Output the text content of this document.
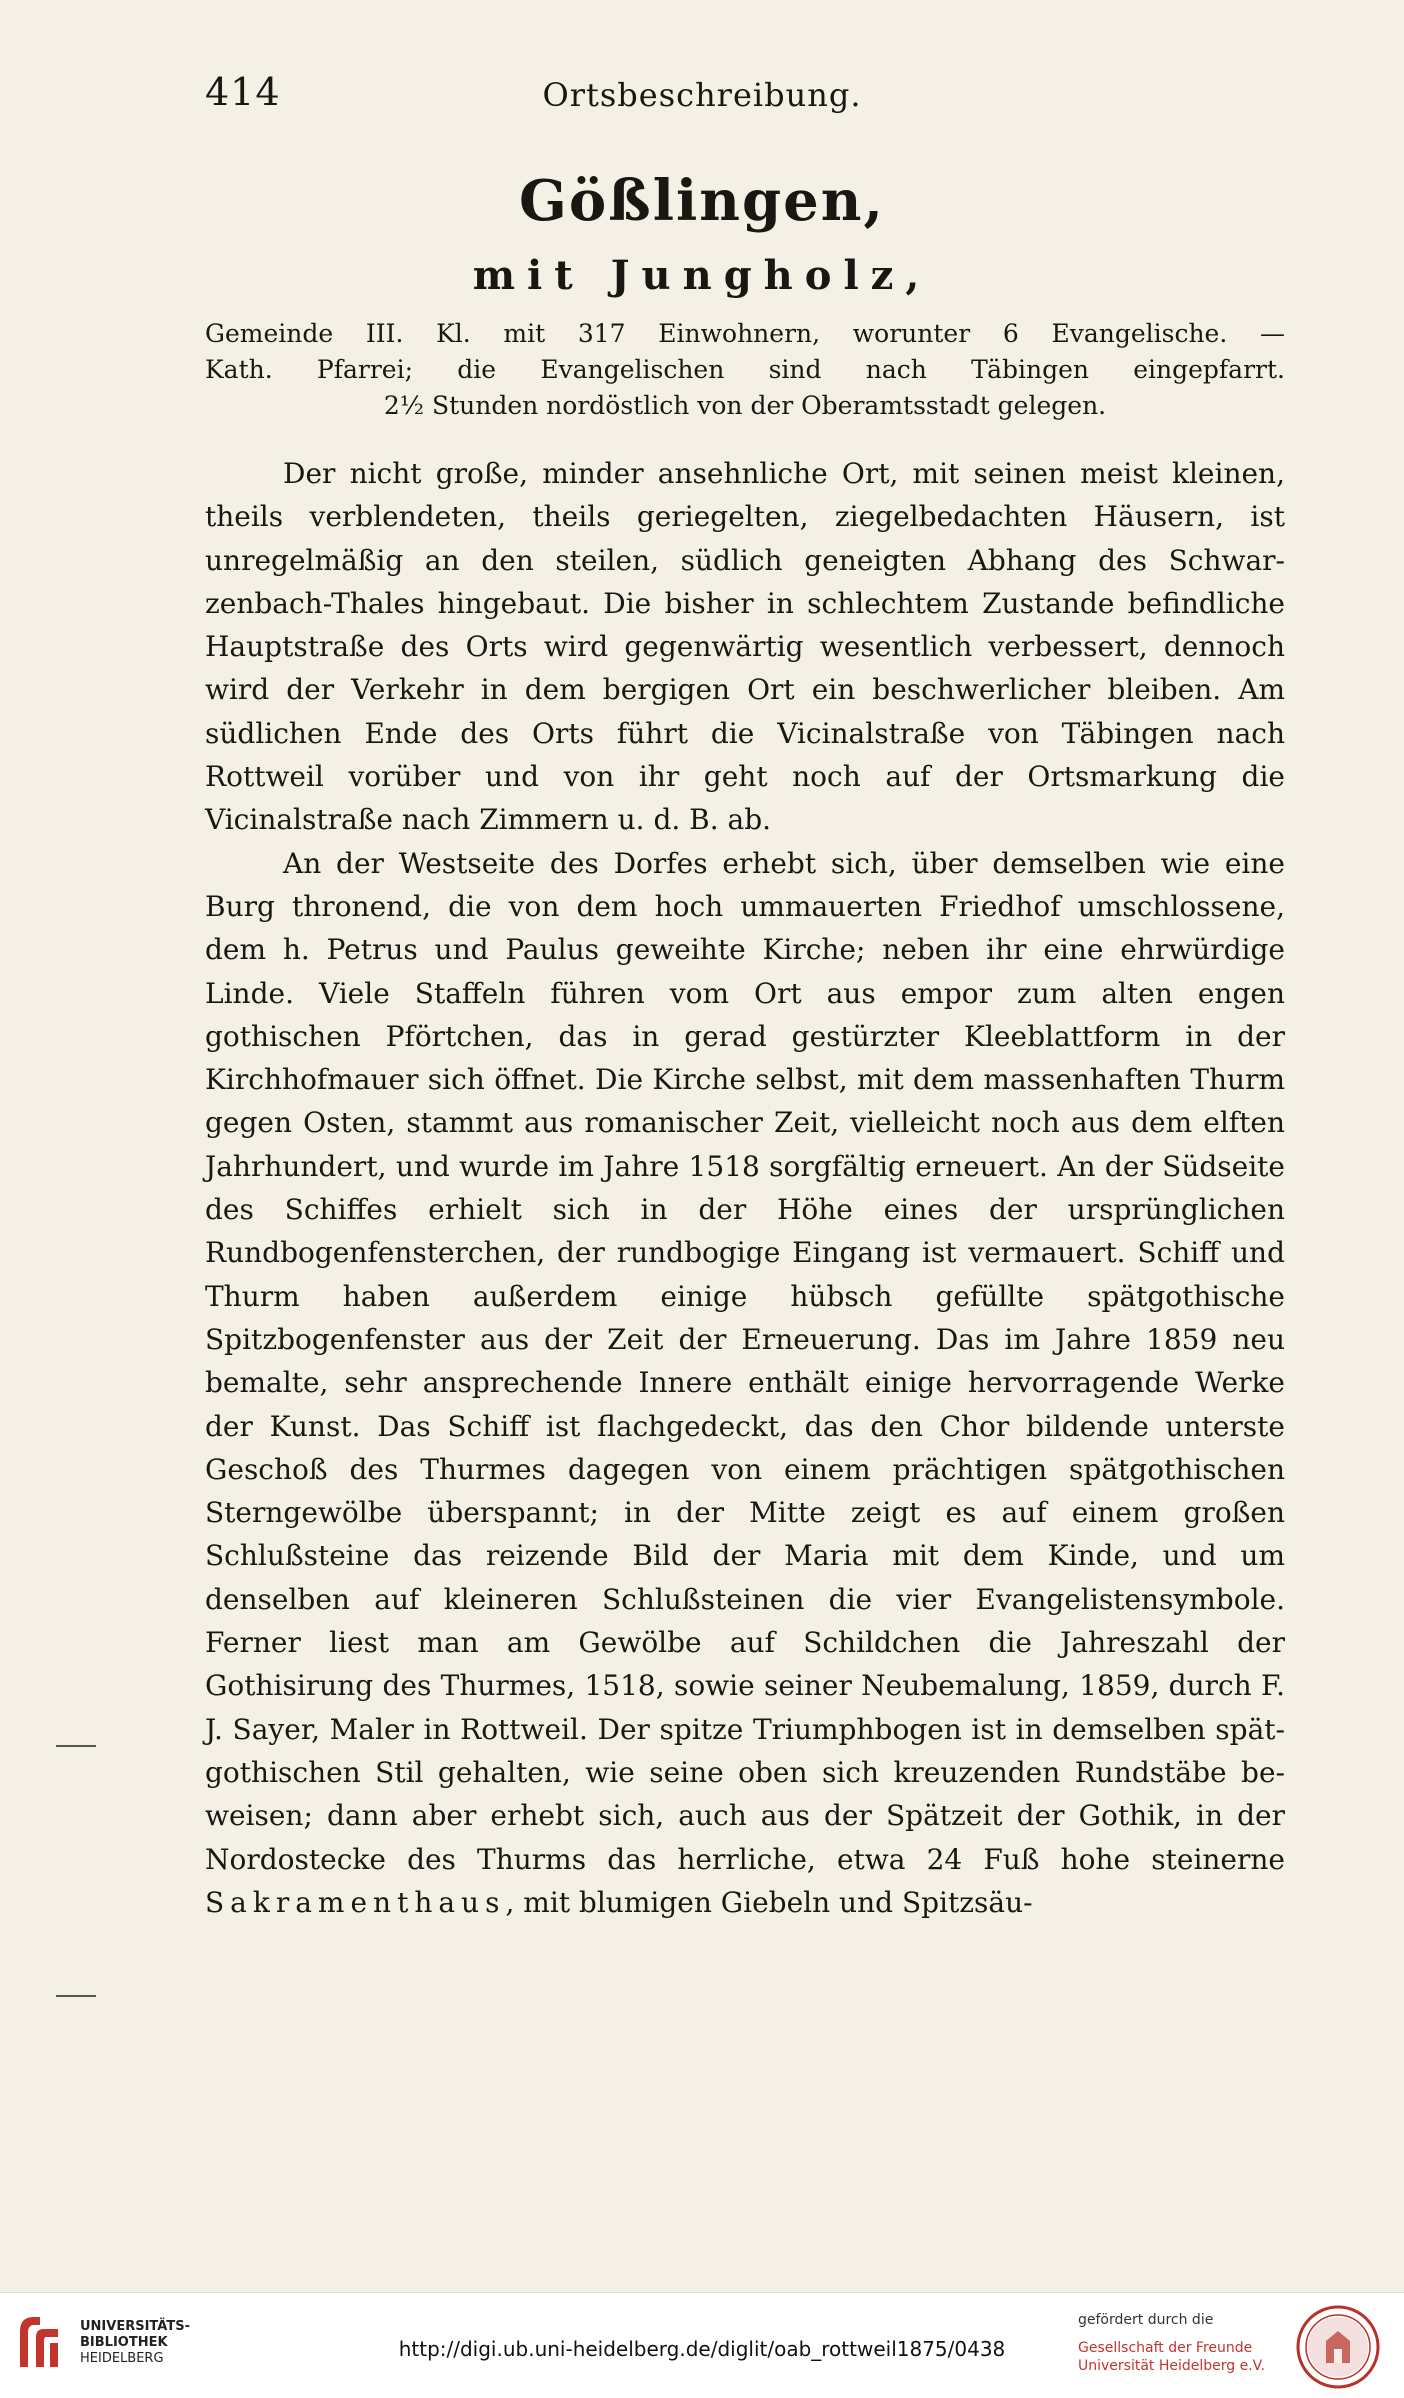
414	Ortsbeschreibung.
Gößlingen,
mit Jungholz,

Gemeinde III. Kl. mit 317 Einwohnern, worunter 6 Evangelische. —

Kath. Pfarrei; die Evangelischen sind nach Täbingen eingepfarrt.

2½ Stunden nordöstlich von der Oberamtsstadt gelegen.

Der nicht große, minder ansehnliche Ort, mit seinen meist kleinen, theils verblendeten, theils geriegelten, ziegelbedachten Häusern, ist unregelmäßig an den steilen, südlich geneigten Abhang des Schwarzenbach-Thales hingebaut. Die bisher in schlechtem Zustande befindliche Hauptstraße des Orts wird gegenwärtig wesentlich verbessert, dennoch wird der Verkehr in dem bergigen Ort ein beschwerlicher bleiben. Am südlichen Ende des Orts führt die Vicinalstraße von Täbingen nach Rottweil vorüber und von ihr geht noch auf der Ortsmarkung die Vicinalstraße nach Zimmern u. d. B. ab.

An der Westseite des Dorfes erhebt sich, über demselben wie eine Burg thronend, die von dem hoch ummauerten Friedhof umschlossene, dem h. Petrus und Paulus geweihte Kirche; neben ihr eine ehrwürdige Linde. Viele Staffeln führen vom Ort aus empor zum alten engen gothischen Pförtchen, das in gerad gestürzter Kleeblattform in der Kirchhofmauer sich öffnet. Die Kirche selbst, mit dem massenhaften Thurm gegen Osten, stammt aus romanischer Zeit, vielleicht noch aus dem elften Jahrhundert, und wurde im Jahre 1518 sorgfältig erneuert. An der Südseite des Schiffes erhielt sich in der Höhe eines der ursprünglichen Rundbogenfensterchen, der rundbogige Eingang ist vermauert. Schiff und Thurm haben außerdem einige hübsch gefüllte spätgothische Spitzbogenfenster aus der Zeit der Erneuerung. Das im Jahre 1859 neu bemalte, sehr ansprechende Innere enthält einige hervorragende Werke der Kunst. Das Schiff ist flachgedeckt, das den Chor bildende unterste Geschoß des Thurmes dagegen von einem prächtigen spätgothischen Sterngewölbe überspannt; in der Mitte zeigt es auf einem großen Schlußsteine das reizende Bild der Maria mit dem Kinde, und um denselben auf kleineren Schlußsteinen die vier Evangelistensymbole. Ferner liest man am Gewölbe auf Schildchen die Jahreszahl der Gothisirung des Thurmes, 1518, sowie seiner Neubemalung, 1859, durch F. J. Sayer, Maler in Rottweil. Der spitze Triumphbogen ist in demselben spätgothischen Stil gehalten, wie seine oben sich kreuzenden Rundstäbe beweisen; dann aber erhebt sich, auch aus der Spätzeit der Gothik, in der Nordostecke des Thurms das herrliche, etwa 24 Fuß hohe steinerne Sakramenthaus, mit blumigen Giebeln und Spitzsäu-

UNIVERSITÄTS-
BIBLIOTHEK
HEIDELBERG	http://digi.ub.uni-heidelberg.de/diglit/oab_rottweil1875/0438
gefördert durch die
Gesellschaft der Freunde
Universität Heidelberg e.V.
